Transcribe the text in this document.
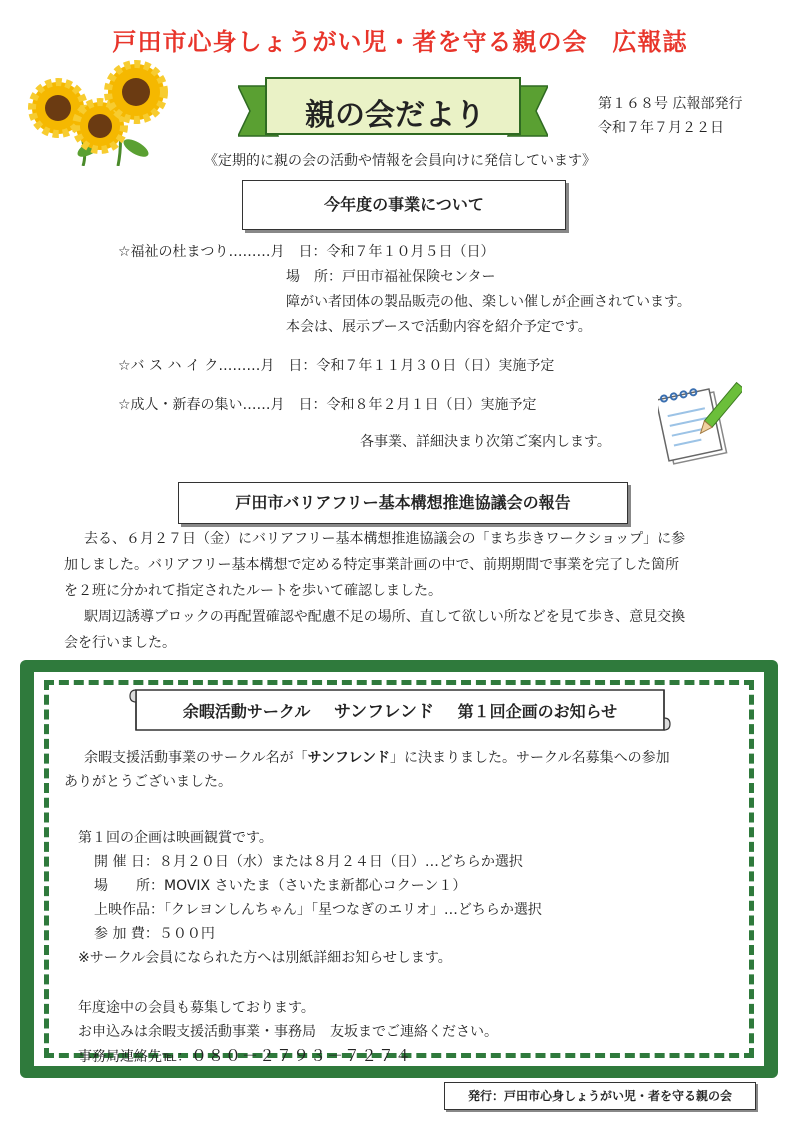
戸田市心身しょうがい児・者を守る親の会　広報誌
親の会だより	第１６８号 広報部発行
令和７年７月２２日
《定期的に親の会の活動や情報を会員向けに発信しています》
今年度の事業について
☆福祉の杜まつり………月　日：令和７年１０月５日（日）
場　所：戸田市福祉保険センター
障がい者団体の製品販売の他、楽しい催しが企画されています。
本会は、展示ブースで活動内容を紹介予定です。
☆バ ス ハ イ ク………月　日：令和７年１１月３０日（日）実施予定
☆成人・新春の集い……月　日：令和８年２月１日（日）実施予定
各事業、詳細決まり次第ご案内します。
戸田市バリアフリー基本構想推進協議会の報告
去る、６月２７日（金）にバリアフリー基本構想推進協議会の「まち歩きワークショップ」に参
加しました。バリアフリー基本構想で定める特定事業計画の中で、前期期間で事業を完了した箇所
を２班に分かれて指定されたルートを歩いて確認しました。
駅周辺誘導ブロックの再配置確認や配慮不足の場所、直して欲しい所などを見て歩き、意見交換
会を行いました。
余暇活動サークル サンフレンド 第１回企画のお知らせ
余暇支援活動事業のサークル名が「サンフレンド」に決まりました。サークル名募集への参加
ありがとうございました。
第１回の企画は映画観賞です。
開 催 日：８月２０日（水）または８月２４日（日）…どちらか選択
場　　所：MOVIX さいたま（さいたま新都心コクーン１）
上映作品：「クレヨンしんちゃん」「星つなぎのエリオ」…どちらか選択
参 加 費：５００円
※サークル会員になられた方へは別紙詳細お知らせします。
年度途中の会員も募集しております。
お申込みは余暇支援活動事業・事務局　友坂までご連絡ください。
事務局連絡先℡：０８０－２７９３－７２７４
発行：戸田市心身しょうがい児・者を守る親の会
